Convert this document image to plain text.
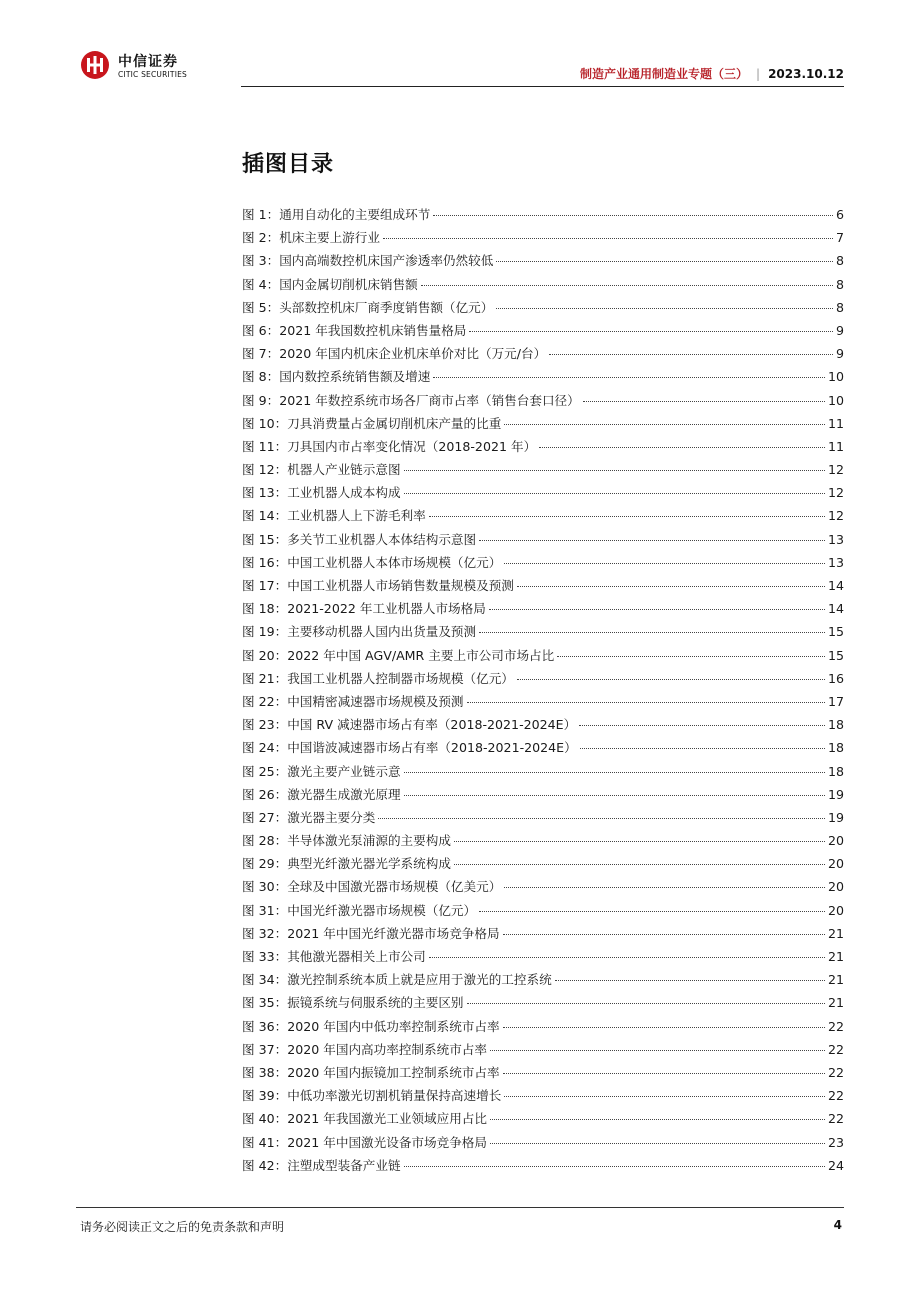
中信证券
CITIC SECURITIES	制造产业通用制造业专题（三） | 2023.10.12
插图目录
图 1：通用自动化的主要组成环节	6
图 2：机床主要上游行业	7
图 3：国内高端数控机床国产渗透率仍然较低	8
图 4：国内金属切削机床销售额	8
图 5：头部数控机床厂商季度销售额（亿元）	8
图 6：2021 年我国数控机床销售量格局	9
图 7：2020 年国内机床企业机床单价对比（万元/台）	9
图 8：国内数控系统销售额及增速	10
图 9：2021 年数控系统市场各厂商市占率（销售台套口径）	10
图 10：刀具消费量占金属切削机床产量的比重	11
图 11：刀具国内市占率变化情况（2018-2021 年）	11
图 12：机器人产业链示意图	12
图 13：工业机器人成本构成	12
图 14：工业机器人上下游毛利率	12
图 15：多关节工业机器人本体结构示意图	13
图 16：中国工业机器人本体市场规模（亿元）	13
图 17：中国工业机器人市场销售数量规模及预测	14
图 18：2021-2022 年工业机器人市场格局	14
图 19：主要移动机器人国内出货量及预测	15
图 20：2022 年中国 AGV/AMR 主要上市公司市场占比	15
图 21：我国工业机器人控制器市场规模（亿元）	16
图 22：中国精密减速器市场规模及预测	17
图 23：中国 RV 减速器市场占有率（2018-2021-2024E）	18
图 24：中国谐波减速器市场占有率（2018-2021-2024E）	18
图 25：激光主要产业链示意	18
图 26：激光器生成激光原理	19
图 27：激光器主要分类	19
图 28：半导体激光泵浦源的主要构成	20
图 29：典型光纤激光器光学系统构成	20
图 30：全球及中国激光器市场规模（亿美元）	20
图 31：中国光纤激光器市场规模（亿元）	20
图 32：2021 年中国光纤激光器市场竞争格局	21
图 33：其他激光器相关上市公司	21
图 34：激光控制系统本质上就是应用于激光的工控系统	21
图 35：振镜系统与伺服系统的主要区别	21
图 36：2020 年国内中低功率控制系统市占率	22
图 37：2020 年国内高功率控制系统市占率	22
图 38：2020 年国内振镜加工控制系统市占率	22
图 39：中低功率激光切割机销量保持高速增长	22
图 40：2021 年我国激光工业领域应用占比	22
图 41：2021 年中国激光设备市场竞争格局	23
图 42：注塑成型装备产业链	24
请务必阅读正文之后的免责条款和声明	4
